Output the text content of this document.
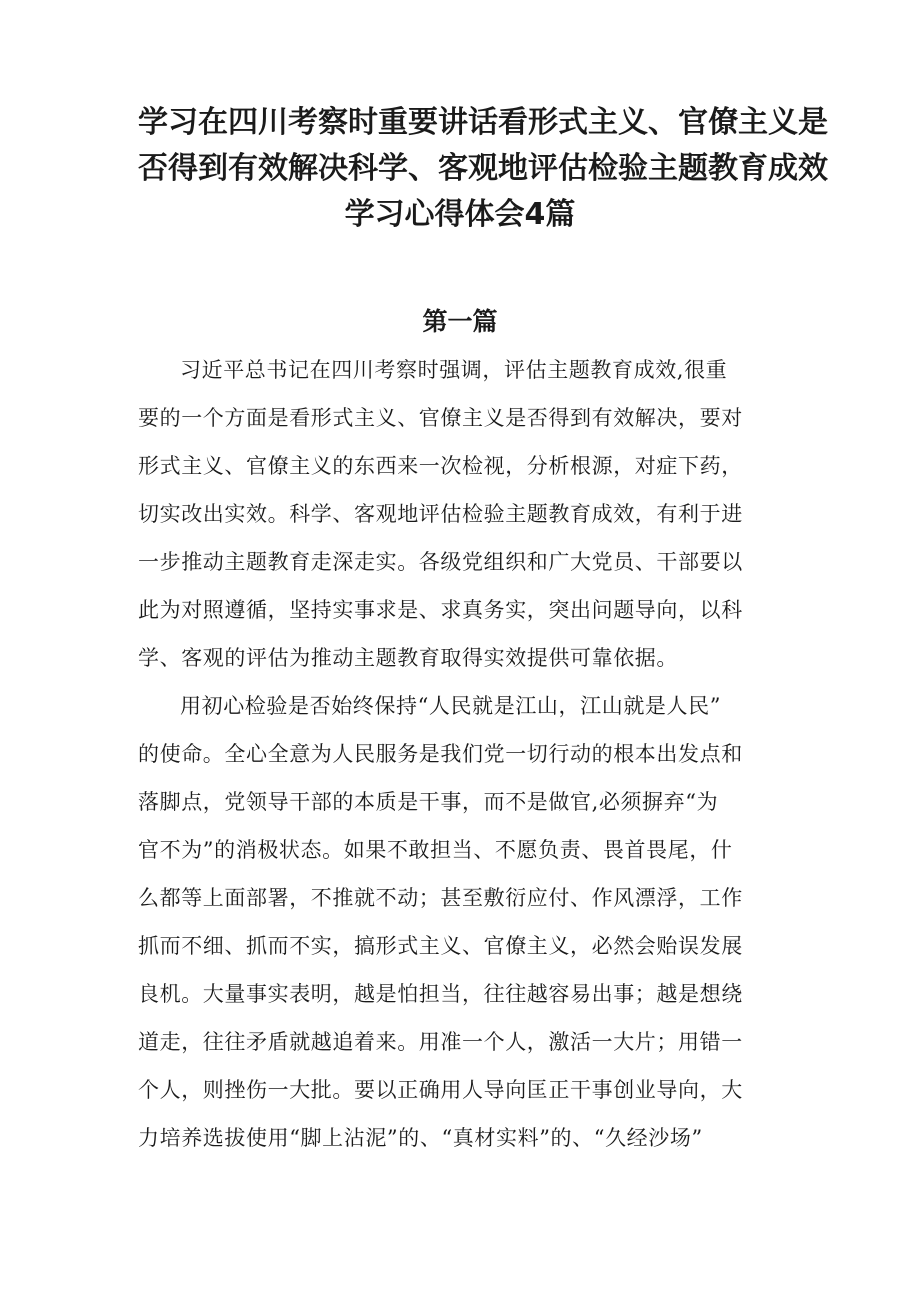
学习在四川考察时重要讲话看形式主义、官僚主义是
否得到有效解决科学、客观地评估检验主题教育成效
学习心得体会4篇
第一篇
习近平总书记在四川考察时强调，评估主题教育成效,很重
要的一个方面是看形式主义、官僚主义是否得到有效解决，要对
形式主义、官僚主义的东西来一次检视，分析根源，对症下药，
切实改出实效。科学、客观地评估检验主题教育成效，有利于进
一步推动主题教育走深走实。各级党组织和广大党员、干部要以
此为对照遵循，坚持实事求是、求真务实，突出问题导向，以科
学、客观的评估为推动主题教育取得实效提供可靠依据。
用初心检验是否始终保持“人民就是江山，江山就是人民”
的使命。全心全意为人民服务是我们党一切行动的根本出发点和
落脚点，党领导干部的本质是干事，而不是做官,必须摒弃“为
官不为”的消极状态。如果不敢担当、不愿负责、畏首畏尾，什
么都等上面部署，不推就不动；甚至敷衍应付、作风漂浮，工作
抓而不细、抓而不实，搞形式主义、官僚主义，必然会贻误发展
良机。大量事实表明，越是怕担当，往往越容易出事；越是想绕
道走，往往矛盾就越追着来。用准一个人，激活一大片；用错一
个人，则挫伤一大批。要以正确用人导向匡正干事创业导向，大
力培养选拔使用“脚上沾泥”的、“真材实料”的、“久经沙场”
